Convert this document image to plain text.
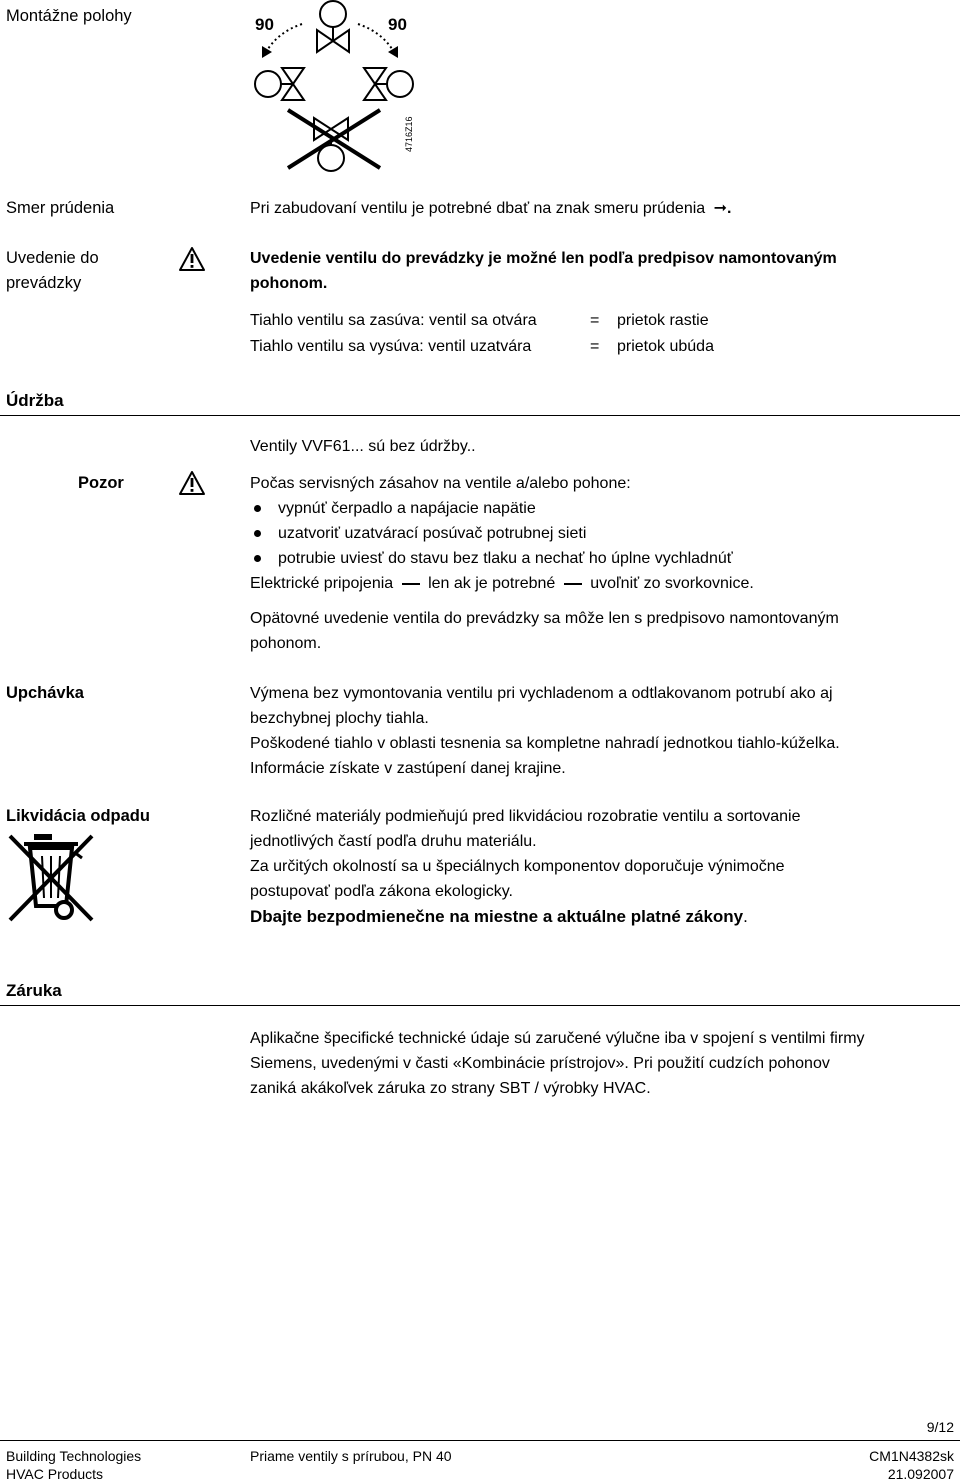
Montážne polohy	90	90
4716Z16
Smer prúdenia	Pri zabudovaní ventilu je potrebné dbať na znak smeru prúdenia ➞.
Uvedenie do
prevádzky
Uvedenie ventilu do prevádzky je možné len podľa predpisov namontovaným
pohonom.
Tiahlo ventilu sa zasúva: ventil sa otvára	= prietok rastie
Tiahlo ventilu sa vysúva: ventil uzatvára	= prietok ubúda
Údržba
Ventily VVF61... sú bez údržby..
Pozor	Počas servisných zásahov na ventile a/alebo pohone:
vypnúť čerpadlo a napájacie napätie
uzatvoriť uzatvárací posúvač potrubnej sieti
potrubie uviesť do stavu bez tlaku a nechať ho úplne vychladnúť
Elektrické pripojenia len ak je potrebné uvoľniť zo svorkovnice.
Opätovné uvedenie ventila do prevádzky sa môže len s predpisovo namontovaným
pohonom.
Upchávka	Výmena bez vymontovania ventilu pri vychladenom a odtlakovanom potrubí ako aj
bezchybnej plochy tiahla.
Poškodené tiahlo v oblasti tesnenia sa kompletne nahradí jednotkou tiahlo-kúželka.
Informácie získate v zastúpení danej krajine.
Likvidácia odpadu	Rozličné materiály podmieňujú pred likvidáciou rozobratie ventilu a sortovanie
jednotlivých častí podľa druhu materiálu.
Za určitých okolností sa u špeciálnych komponentov doporučuje výnimočne
postupovať podľa zákona ekologicky.
Dbajte bezpodmienečne na miestne a aktuálne platné zákony.
Záruka
Aplikačne špecifické technické údaje sú zaručené výlučne iba v spojení s ventilmi firmy
Siemens, uvedenými v časti «Kombinácie prístrojov». Pri použití cudzích pohonov
zaniká akákoľvek záruka zo strany SBT / výrobky HVAC.
9/12
Building Technologies
HVAC Products
Priame ventily s prírubou, PN 40	CM1N4382sk
21.092007
